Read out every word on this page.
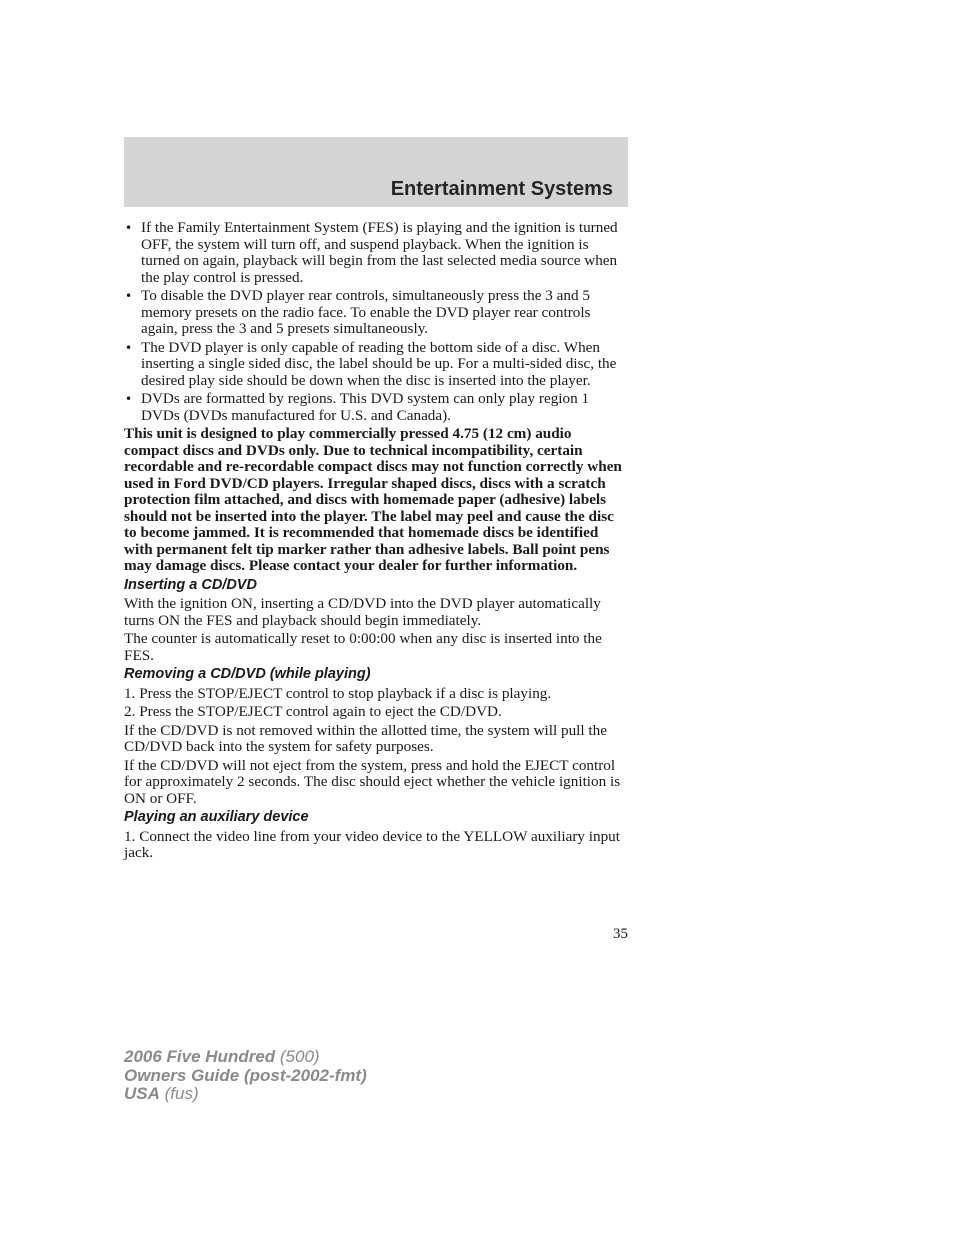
Entertainment Systems
• If the Family Entertainment System (FES) is playing and the ignition is turned OFF, the system will turn off, and suspend playback. When the ignition is turned on again, playback will begin from the last selected media source when the play control is pressed.
• To disable the DVD player rear controls, simultaneously press the 3 and 5 memory presets on the radio face. To enable the DVD player rear controls again, press the 3 and 5 presets simultaneously.
• The DVD player is only capable of reading the bottom side of a disc. When inserting a single sided disc, the label should be up. For a multi-sided disc, the desired play side should be down when the disc is inserted into the player.
• DVDs are formatted by regions. This DVD system can only play region 1 DVDs (DVDs manufactured for U.S. and Canada).

This unit is designed to play commercially pressed 4.75 (12 cm) audio compact discs and DVDs only. Due to technical incompatibility, certain recordable and re-recordable compact discs may not function correctly when used in Ford DVD/CD players. Irregular shaped discs, discs with a scratch protection film attached, and discs with homemade paper (adhesive) labels should not be inserted into the player. The label may peel and cause the disc to become jammed. It is recommended that homemade discs be identified with permanent felt tip marker rather than adhesive labels. Ball point pens may damage discs. Please contact your dealer for further information.

Inserting a CD/DVD

With the ignition ON, inserting a CD/DVD into the DVD player automatically turns ON the FES and playback should begin immediately.

The counter is automatically reset to 0:00:00 when any disc is inserted into the FES.

Removing a CD/DVD (while playing)

1. Press the STOP/EJECT control to stop playback if a disc is playing.

2. Press the STOP/EJECT control again to eject the CD/DVD.

If the CD/DVD is not removed within the allotted time, the system will pull the CD/DVD back into the system for safety purposes.

If the CD/DVD will not eject from the system, press and hold the EJECT control for approximately 2 seconds. The disc should eject whether the vehicle ignition is ON or OFF.

Playing an auxiliary device

1. Connect the video line from your video device to the YELLOW auxiliary input jack.

35
2006 Five Hundred (500)
Owners Guide (post-2002-fmt)
USA (fus)
